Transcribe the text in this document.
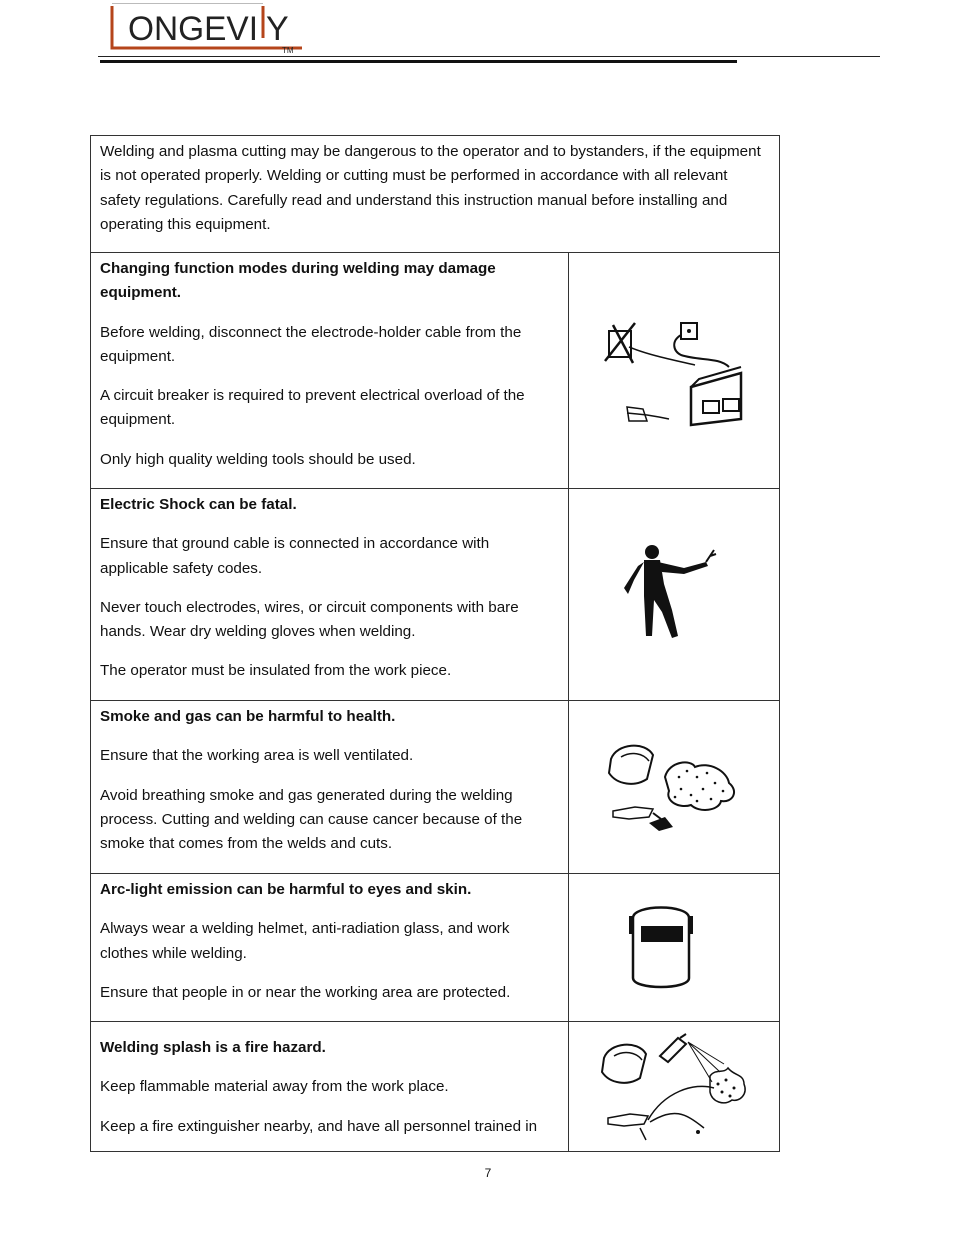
ONGEVI Y
TM

Welding and plasma cutting may be dangerous to the operator and to bystanders, if the equipment is not operated properly. Welding or cutting must be performed in accordance with all relevant safety regulations. Carefully read and understand this instruction manual before installing and operating this equipment.	

Changing function modes during welding may damage equipment.

Before welding, disconnect the electrode-holder cable from the equipment.

A circuit breaker is required to prevent electrical overload of the equipment.

Only high quality welding tools should be used.

Electric Shock can be fatal.

Ensure that ground cable is connected in accordance with applicable safety codes.

Never touch electrodes, wires, or circuit components with bare hands. Wear dry welding gloves when welding.

The operator must be insulated from the work piece.

Smoke and gas can be harmful to health.

Ensure that the working area is well ventilated.

Avoid breathing smoke and gas generated during the welding process. Cutting and welding can cause cancer because of the smoke that comes from the welds and cuts.

Arc-light emission can be harmful to eyes and skin.

Always wear a welding helmet, anti-radiation glass, and work clothes while welding.

Ensure that people in or near the working area are protected.

Welding splash is a fire hazard.

Keep flammable material away from the work place.

Keep a fire extinguisher nearby, and have all personnel trained in

7
